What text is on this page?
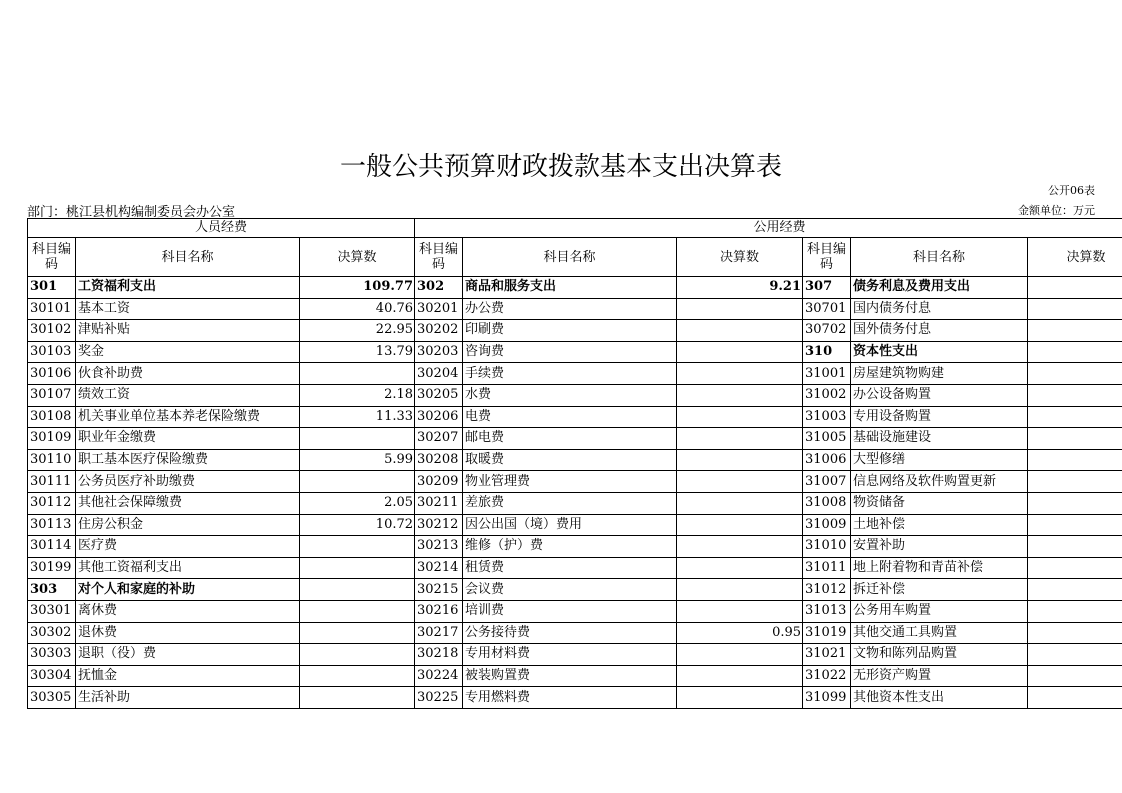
一般公共预算财政拨款基本支出决算表
公开06表
部门：桃江县机构编制委员会办公室	金额单位：万元
人员经费			公用经费					
科目编码	科目名称	决算数	科目编码	科目名称	决算数	科目编码	科目名称	决算数
301	工资福利支出	109.77	302	商品和服务支出	9.21	307	债务利息及费用支出	
30101	基本工资	40.76	30201	办公费		30701	国内债务付息	
30102	津贴补贴	22.95	30202	印刷费		30702	国外债务付息	
30103	奖金	13.79	30203	咨询费		310	资本性支出	
30106	伙食补助费		30204	手续费		31001	房屋建筑物购建	
30107	绩效工资	2.18	30205	水费		31002	办公设备购置	
30108	机关事业单位基本养老保险缴费	11.33	30206	电费		31003	专用设备购置	
30109	职业年金缴费		30207	邮电费		31005	基础设施建设	
30110	职工基本医疗保险缴费	5.99	30208	取暖费		31006	大型修缮	
30111	公务员医疗补助缴费		30209	物业管理费		31007	信息网络及软件购置更新	
30112	其他社会保障缴费	2.05	30211	差旅费		31008	物资储备	
30113	住房公积金	10.72	30212	因公出国（境）费用		31009	土地补偿	
30114	医疗费		30213	维修（护）费		31010	安置补助	
30199	其他工资福利支出		30214	租赁费		31011	地上附着物和青苗补偿	
303	对个人和家庭的补助		30215	会议费		31012	拆迁补偿	
30301	离休费		30216	培训费		31013	公务用车购置	
30302	退休费		30217	公务接待费	0.95	31019	其他交通工具购置	
30303	退职（役）费		30218	专用材料费		31021	文物和陈列品购置	
30304	抚恤金		30224	被装购置费		31022	无形资产购置	
30305	生活补助		30225	专用燃料费		31099	其他资本性支出	
